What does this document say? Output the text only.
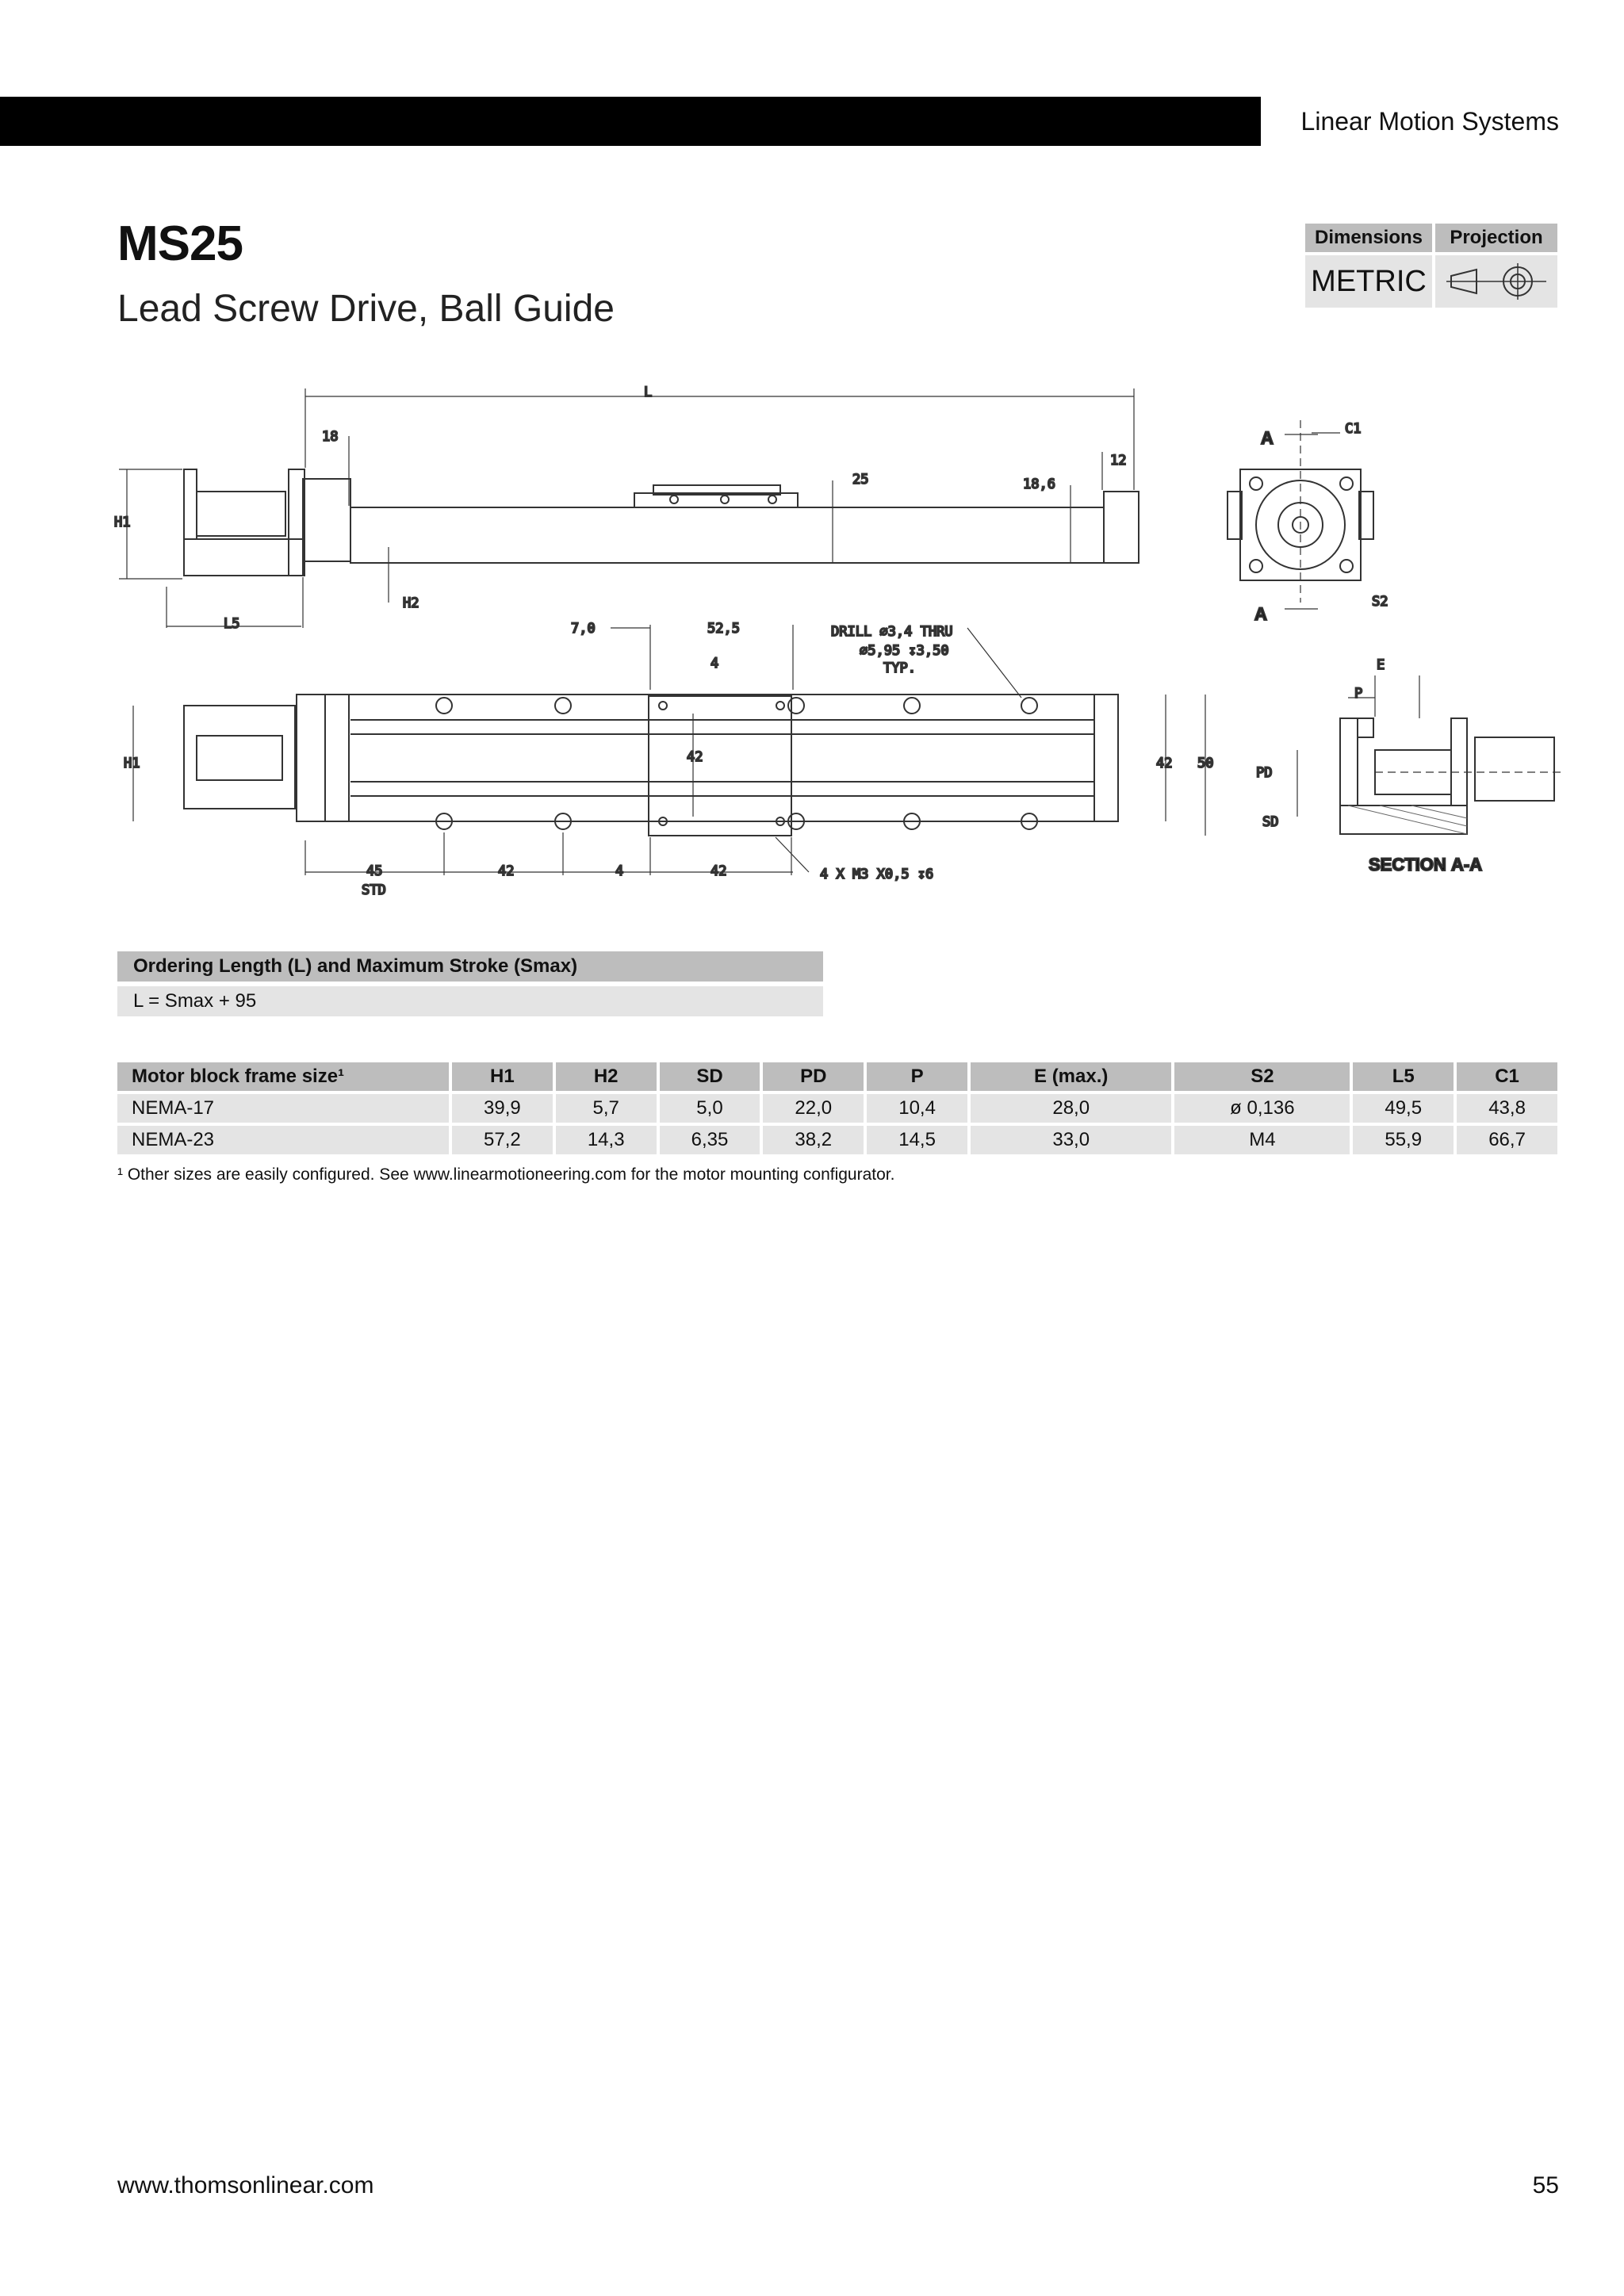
Linear Motion Systems
MS25
Lead Screw Drive, Ball Guide
Dimensions	Projection
METRIC
L
18
12
25	18,6
H1
H2
L5	7,0	52,5
4
DRILL ∅3,4 THRU
∅5,95 ↧3,50
TYP.
42	42 50
H1
45
STD
42	4	42	4 X M3 X0,5 ↧6
A
A
C1
S2
E
P
PD
SD
SECTION A-A
Ordering Length (L) and Maximum Stroke (Smax)
L = Smax + 95
Motor block frame size¹	H1	H2	SD	PD	P	E (max.)	S2	L5	C1
NEMA-17	39,9	5,7	5,0	22,0	10,4	28,0	ø 0,136	49,5	43,8
NEMA-23	57,2	14,3	6,35	38,2	14,5	33,0	M4	55,9	66,7
¹ Other sizes are easily configured. See www.linearmotioneering.com for the motor mounting configurator.
www.thomsonlinear.com	55
